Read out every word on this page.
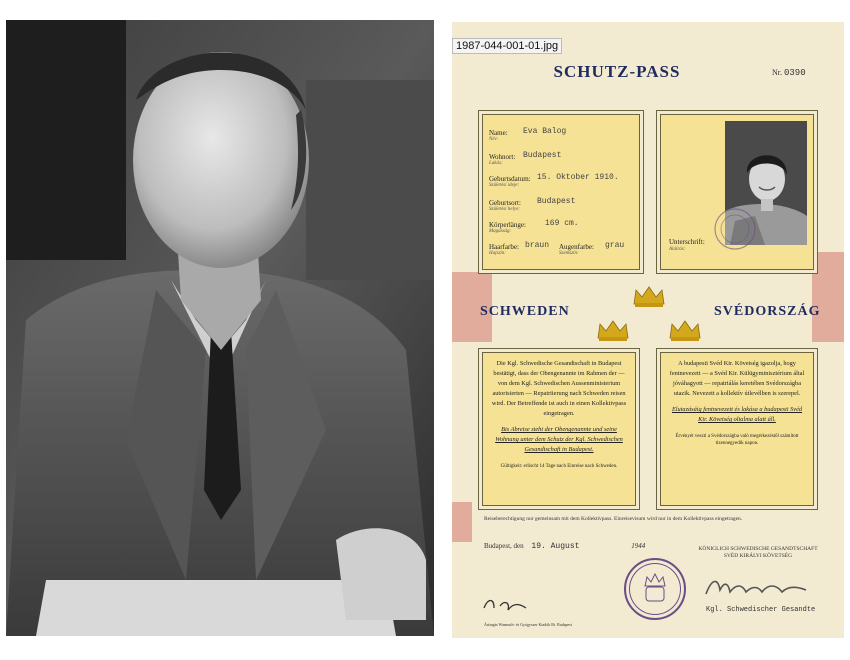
1987-044-001-01.jpg
SCHUTZ-PASS	Nr. 0390
Name:
Név:
Eva Balog
Wohnort:
Lakás:
Budapest
Geburtsdatum:
Születési ideje:
15. Oktober 1910.
Geburtsort:
Születési helye:
Budapest
Körperlänge:
Magasság:
169 cm.
Haarfarbe:
Hajszín:
braun Augenfarbe:
Szemszín:
grau	Unterschrift:
Aláírás:
SCHWEDEN	SVÉDORSZÁG

Die Kgl. Schwedische Gesandtschaft in Budapest bestätigt, dass der Obengenannte im Rahmen der — von dem Kgl. Schwedischen Aussenministerium autorisierten — Repatriierung nach Schweden reisen wird. Der Betreffende ist auch in einen Kollektivpass eingetragen.

Bis Abreise steht der Obengenannte und seine Wohnung unter dem Schutz der Kgl. Schwedischen Gesandtschaft in Budapest.

Gültigkeit: erlischt 14 Tage nach Einreise nach Schweden.

A budapesti Svéd Kir. Követség igazolja, hogy fentnevezett — a Svéd Kir. Külügyminisztérium által jóváhagyott — repatriálás keretében Svédországba utazik. Nevezett a kollektív útlevélben is szerepel.

Elutazásáig fentnevezett és lakása a budapesti Svéd Kir. Követség oltalma alatt áll.

Érvényét veszti a Svédországba való megérkezéstől számított tizennegyedik napon.

Reiseberechtigung nur gemeinsam mit dem Kollektivpass. Einreisevisum wird nur in dem Kollektivpass eingetragen.
Budapest, den 19. August	1944	KÖNIGLICH SCHWEDISCHE GESANDTSCHAFT
SVÉD KIRÁLYI KÖVETSÉG
Kgl. Schwedischer Gesandte
Ärtingin Wasmuth- és Gyógyszer Kiadók Bt. Budapest
